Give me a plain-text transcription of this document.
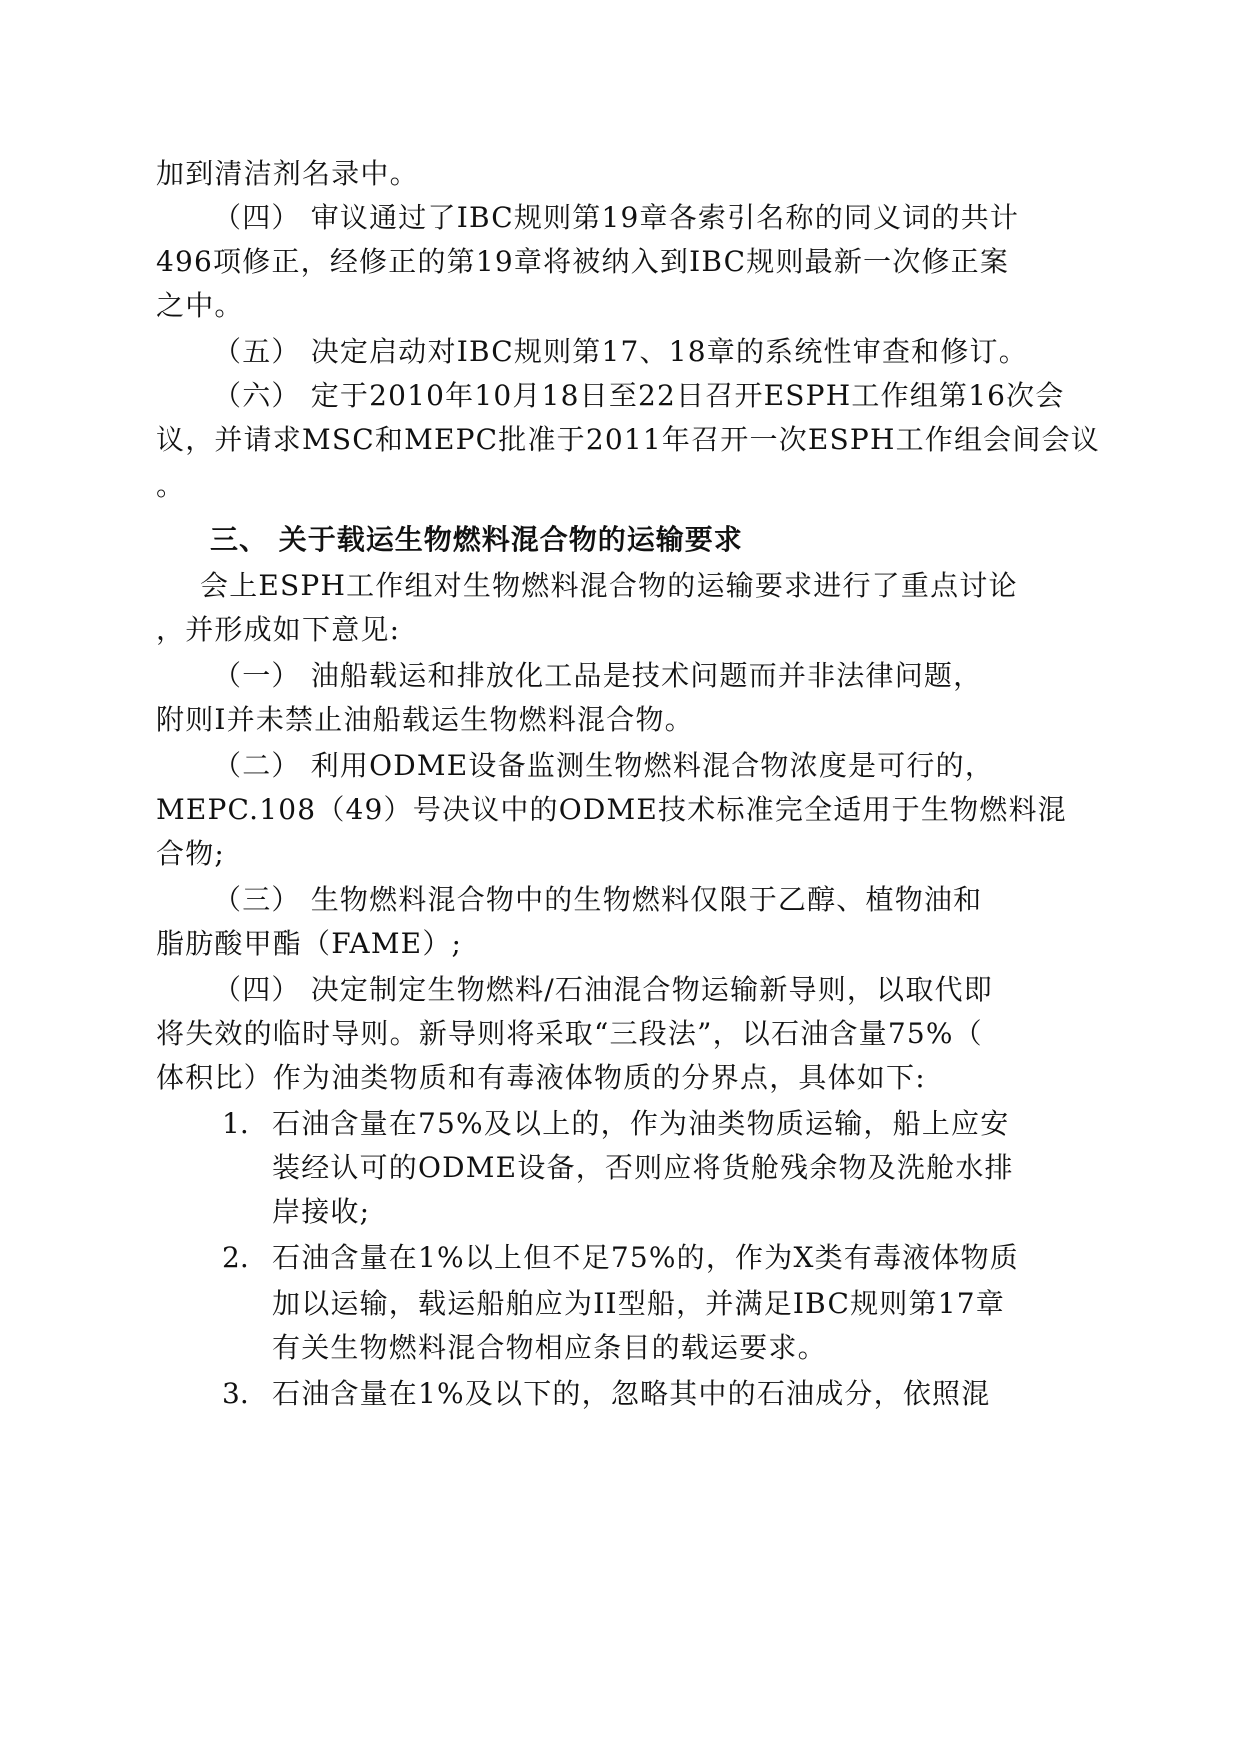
加到清洁剂名录中。
（四） 审议通过了IBC规则第19章各索引名称的同义词的共计
496项修正，经修正的第19章将被纳入到IBC规则最新一次修正案
之中。
（五） 决定启动对IBC规则第17、18章的系统性审查和修订。
（六） 定于2010年10月18日至22日召开ESPH工作组第16次会
议，并请求MSC和MEPC批准于2011年召开一次ESPH工作组会间会议
。
三、 关于载运生物燃料混合物的运输要求
会上ESPH工作组对生物燃料混合物的运输要求进行了重点讨论
，并形成如下意见:
（一） 油船载运和排放化工品是技术问题而并非法律问题，
附则I并未禁止油船载运生物燃料混合物。
（二） 利用ODME设备监测生物燃料混合物浓度是可行的，
MEPC.108（49）号决议中的ODME技术标准完全适用于生物燃料混
合物;
（三） 生物燃料混合物中的生物燃料仅限于乙醇、植物油和
脂肪酸甲酯（FAME）;
（四） 决定制定生物燃料/石油混合物运输新导则，以取代即
将失效的临时导则。新导则将采取“三段法”，以石油含量75%（
体积比）作为油类物质和有毒液体物质的分界点，具体如下:
1. 石油含量在75%及以上的，作为油类物质运输，船上应安
装经认可的ODME设备，否则应将货舱残余物及洗舱水排
岸接收;
2. 石油含量在1%以上但不足75%的，作为X类有毒液体物质
加以运输，载运船舶应为II型船，并满足IBC规则第17章
有关生物燃料混合物相应条目的载运要求。
3. 石油含量在1%及以下的，忽略其中的石油成分，依照混
